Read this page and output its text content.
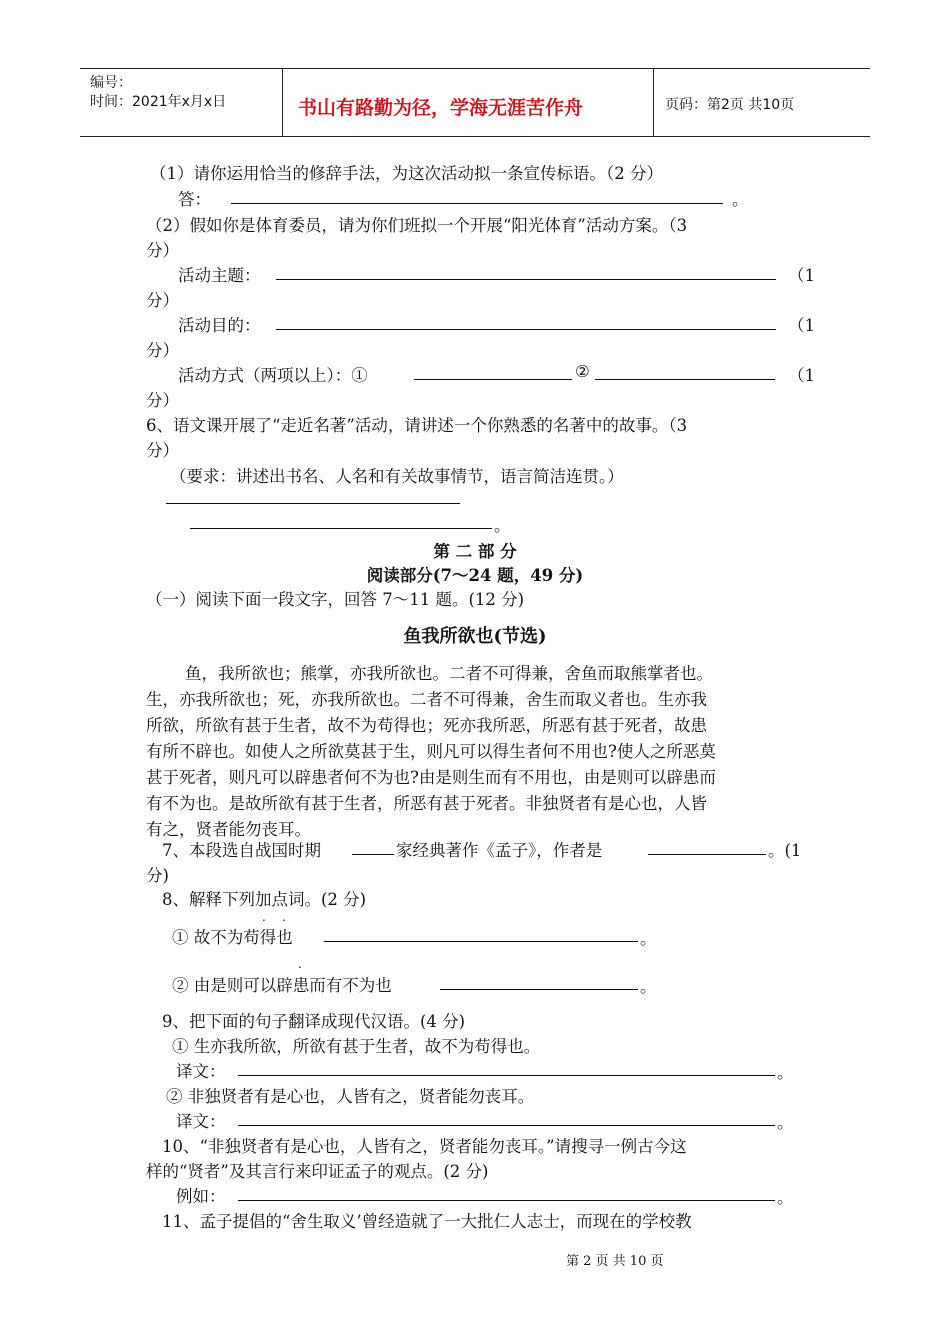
编号：
时间：2021年x月x日	书山有路勤为径，学海无涯苦作舟	页码：第2页 共10页
（1）请你运用恰当的修辞手法，为这次活动拟一条宣传标语。（2 分）
答：	。
（2）假如你是体育委员，请为你们班拟一个开展“阳光体育”活动方案。（3
分）
活动主题：	（1
分）
活动目的：	（1
分）
活动方式（两项以上）：①	②	（1
分）
6、语文课开展了“走近名著”活动，请讲述一个你熟悉的名著中的故事。（3
分）
（要求：讲述出书名、人名和有关故事情节，语言简洁连贯。）
。
第 二 部 分
阅读部分(7～24 题，49 分)
（一）阅读下面一段文字，回答 7～11 题。(12 分)
鱼我所欲也(节选)
鱼，我所欲也；熊掌，亦我所欲也。二者不可得兼，舍鱼而取熊掌者也。
生，亦我所欲也；死，亦我所欲也。二者不可得兼，舍生而取义者也。生亦我
所欲，所欲有甚于生者，故不为苟得也；死亦我所恶，所恶有甚于死者，故患
有所不辟也。如使人之所欲莫甚于生，则凡可以得生者何不用也?使人之所恶莫
甚于死者，则凡可以辟患者何不为也?由是则生而有不用也，由是则可以辟患而
有不为也。是故所欲有甚于生者，所恶有甚于死者。非独贤者有是心也，人皆
有之，贤者能勿丧耳。
7、本段选自战国时期	家经典著作《孟子》，作者是	。(1
分)
8、解释下列加点词。(2 分)
. .
① 故不为苟得也	。
.
② 由是则可以辟患而有不为也	。
9、把下面的句子翻译成现代汉语。(4 分)
① 生亦我所欲，所欲有甚于生者，故不为苟得也。
译文：	。
② 非独贤者有是心也，人皆有之，贤者能勿丧耳。
译文：	。
10、“非独贤者有是心也，人皆有之，贤者能勿丧耳。”请搜寻一例古今这
样的“贤者”及其言行来印证孟子的观点。(2 分)
例如：	。
11、孟子提倡的“舍生取义’曾经造就了一大批仁人志士，而现在的学校教
第 2 页 共 10 页
